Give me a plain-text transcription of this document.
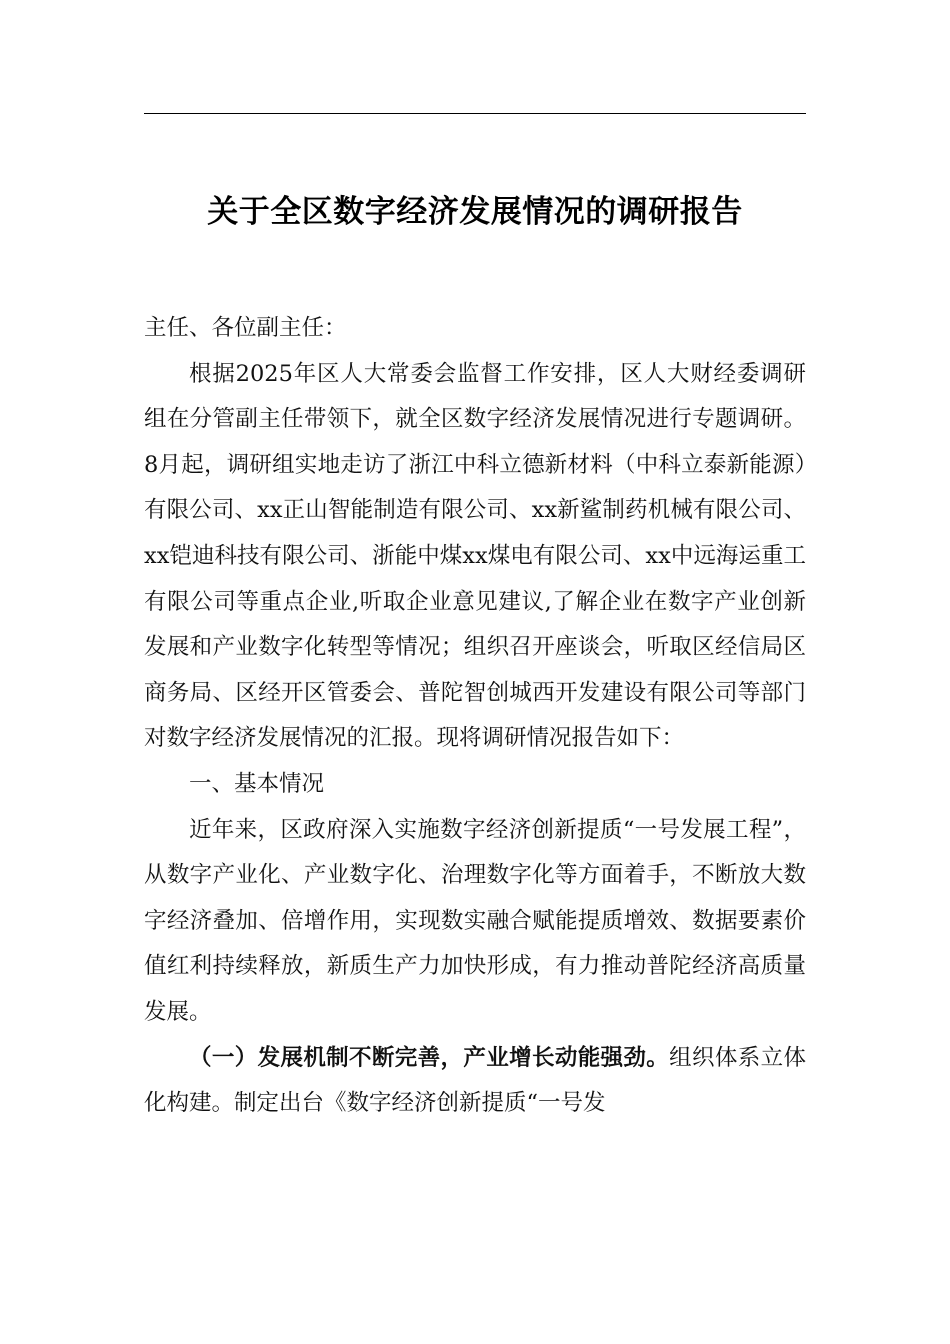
关于全区数字经济发展情况的调研报告

主任、各位副主任：

根据2025年区人大常委会监督工作安排，区人大财经委调研组在分管副主任带领下，就全区数字经济发展情况进行专题调研。8月起，调研组实地走访了浙江中科立德新材料（中科立泰新能源）有限公司、xx正山智能制造有限公司、xx新鲨制药机械有限公司、xx铠迪科技有限公司、浙能中煤xx煤电有限公司、xx中远海运重工有限公司等重点企业,听取企业意见建议,了解企业在数字产业创新发展和产业数字化转型等情况；组织召开座谈会，听取区经信局区商务局、区经开区管委会、普陀智创城西开发建设有限公司等部门对数字经济发展情况的汇报。现将调研情况报告如下：

一、基本情况

近年来，区政府深入实施数字经济创新提质“一号发展工程”，从数字产业化、产业数字化、治理数字化等方面着手，不断放大数字经济叠加、倍增作用，实现数实融合赋能提质增效、数据要素价值红利持续释放，新质生产力加快形成，有力推动普陀经济高质量发展。

（一）发展机制不断完善，产业增长动能强劲。组织体系立体化构建。制定出台《数字经济创新提质“一号发
